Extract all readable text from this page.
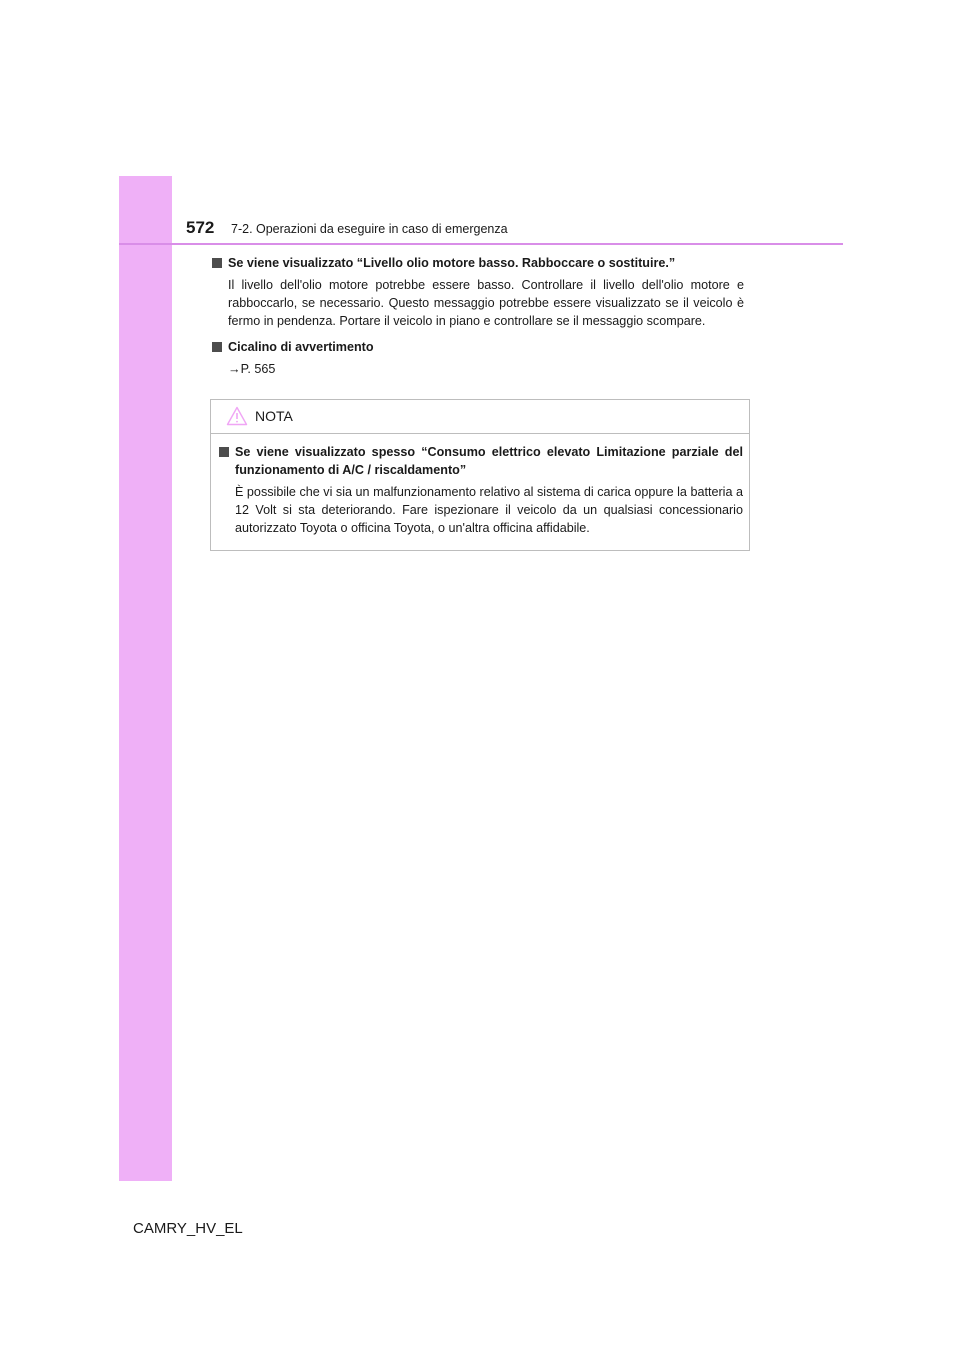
572 7-2. Operazioni da eseguire in caso di emergenza

Se viene visualizzato “Livello olio motore basso. Rabboccare o sostituire.”

Il livello dell'olio motore potrebbe essere basso. Controllare il livello dell'olio motore e rabboccarlo, se necessario. Questo messaggio potrebbe essere visualizzato se il veicolo è fermo in pendenza. Portare il veicolo in piano e controllare se il messaggio scompare.

Cicalino di avvertimento

→P. 565

NOTA

Se viene visualizzato spesso “Consumo elettrico elevato Limitazione parziale del funzionamento di A/C / riscaldamento”

È possibile che vi sia un malfunzionamento relativo al sistema di carica oppure la batteria a 12 Volt si sta deteriorando. Fare ispezionare il veicolo da un qualsiasi concessionario autorizzato Toyota o officina Toyota, o un'altra officina affidabile.

CAMRY_HV_EL
